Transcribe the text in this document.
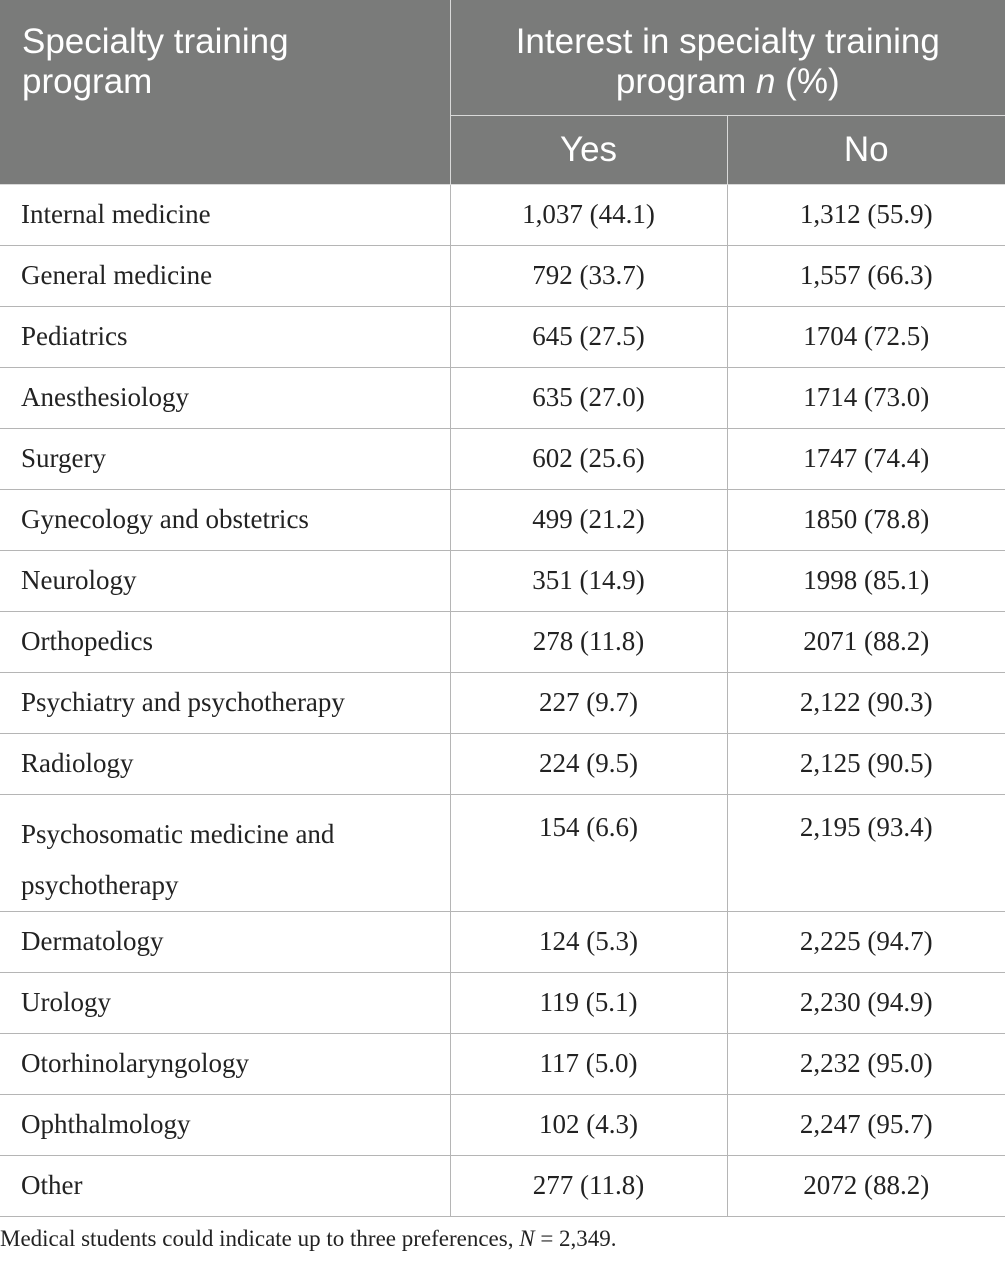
Specialty training
program	Interest in specialty training
program n (%)	
	Yes	No
Internal medicine	1,037 (44.1)	1,312 (55.9)
General medicine	792 (33.7)	1,557 (66.3)
Pediatrics	645 (27.5)	1704 (72.5)
Anesthesiology	635 (27.0)	1714 (73.0)
Surgery	602 (25.6)	1747 (74.4)
Gynecology and obstetrics	499 (21.2)	1850 (78.8)
Neurology	351 (14.9)	1998 (85.1)
Orthopedics	278 (11.8)	2071 (88.2)
Psychiatry and psychotherapy	227 (9.7)	2,122 (90.3)
Radiology	224 (9.5)	2,125 (90.5)
Psychosomatic medicine and psychotherapy	154 (6.6)	2,195 (93.4)
Dermatology	124 (5.3)	2,225 (94.7)
Urology	119 (5.1)	2,230 (94.9)
Otorhinolaryngology	117 (5.0)	2,232 (95.0)
Ophthalmology	102 (4.3)	2,247 (95.7)
Other	277 (11.8)	2072 (88.2)
Medical students could indicate up to three preferences, N = 2,349.
